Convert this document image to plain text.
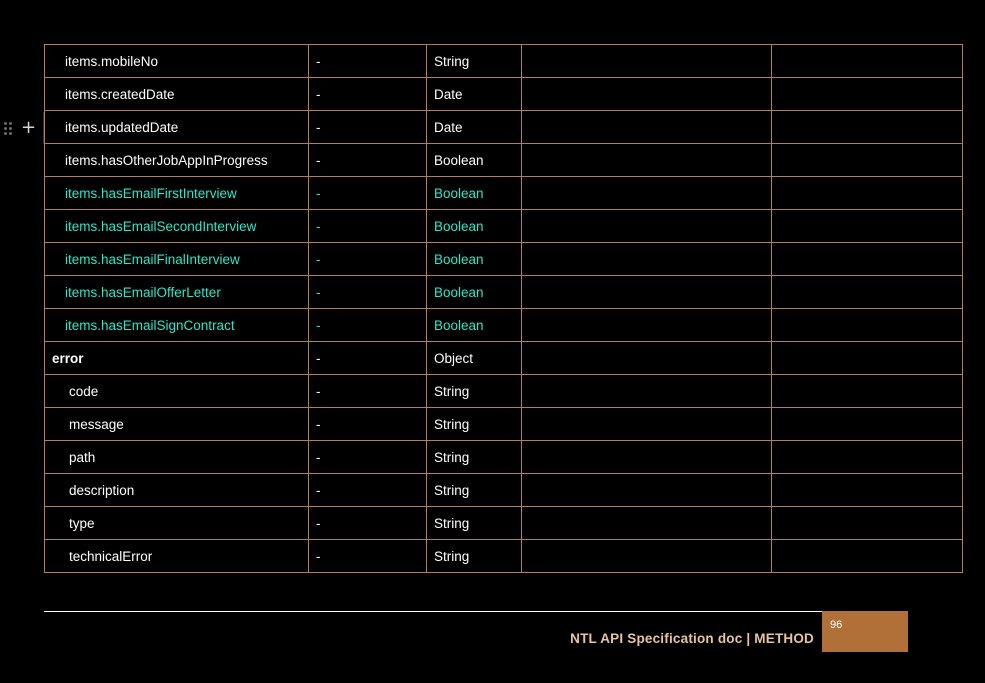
items.mobileNo	-	String		
items.createdDate	-	Date		
items.updatedDate	-	Date		
items.hasOtherJobAppInProgress	-	Boolean		
items.hasEmailFirstInterview	-	Boolean		
items.hasEmailSecondInterview	-	Boolean		
items.hasEmailFinalInterview	-	Boolean		
items.hasEmailOfferLetter	-	Boolean		
items.hasEmailSignContract	-	Boolean		
error	-	Object		
code	-	String		
message	-	String		
path	-	String		
description	-	String		
type	-	String		
technicalError	-	String		
+
NTL API Specification doc | METHOD
96
